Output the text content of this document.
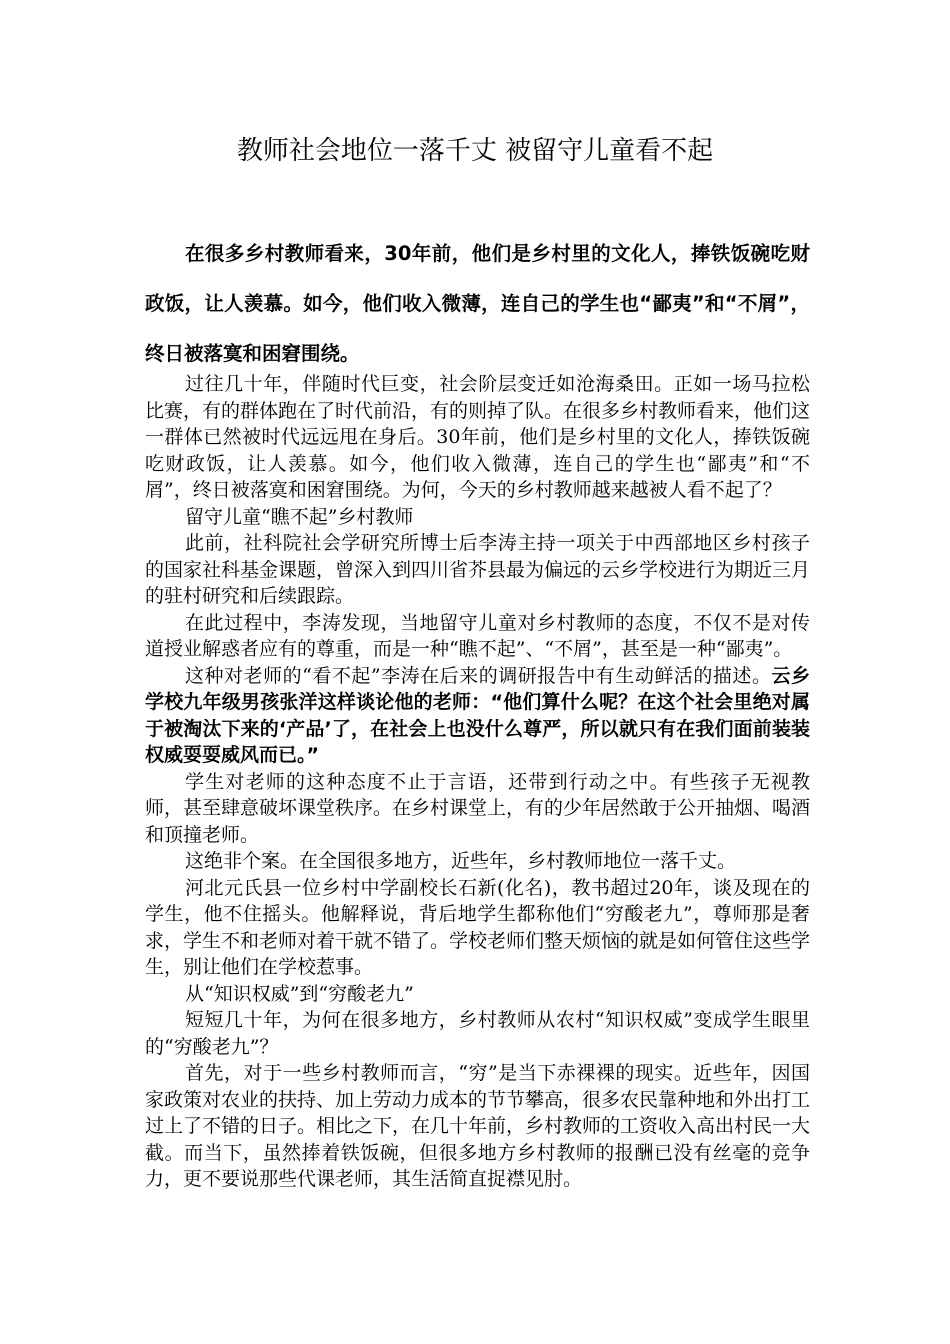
教师社会地位一落千丈 被留守儿童看不起

在很多乡村教师看来，30年前，他们是乡村里的文化人，捧铁饭碗吃财政饭，让人羡慕。如今，他们收入微薄，连自己的学生也“鄙夷”和“不屑”，终日被落寞和困窘围绕。

过往几十年，伴随时代巨变，社会阶层变迁如沧海桑田。正如一场马拉松比赛，有的群体跑在了时代前沿，有的则掉了队。在很多乡村教师看来，他们这一群体已然被时代远远甩在身后。30年前，他们是乡村里的文化人，捧铁饭碗吃财政饭，让人羡慕。如今，他们收入微薄，连自己的学生也“鄙夷”和“不屑”，终日被落寞和困窘围绕。为何，今天的乡村教师越来越被人看不起了？

留守儿童“瞧不起”乡村教师

此前，社科院社会学研究所博士后李涛主持一项关于中西部地区乡村孩子的国家社科基金课题，曾深入到四川省芥县最为偏远的云乡学校进行为期近三月的驻村研究和后续跟踪。

在此过程中，李涛发现，当地留守儿童对乡村教师的态度，不仅不是对传道授业解惑者应有的尊重，而是一种“瞧不起”、“不屑”，甚至是一种“鄙夷”。

这种对老师的“看不起”李涛在后来的调研报告中有生动鲜活的描述。云乡学校九年级男孩张洋这样谈论他的老师：“他们算什么呢？在这个社会里绝对属于被淘汰下来的‘产品’了，在社会上也没什么尊严，所以就只有在我们面前装装权威耍耍威风而已。”

学生对老师的这种态度不止于言语，还带到行动之中。有些孩子无视教师，甚至肆意破坏课堂秩序。在乡村课堂上，有的少年居然敢于公开抽烟、喝酒和顶撞老师。

这绝非个案。在全国很多地方，近些年，乡村教师地位一落千丈。

河北元氏县一位乡村中学副校长石新(化名)，教书超过20年，谈及现在的学生，他不住摇头。他解释说，背后地学生都称他们“穷酸老九”，尊师那是奢求，学生不和老师对着干就不错了。学校老师们整天烦恼的就是如何管住这些学生，别让他们在学校惹事。

从“知识权威”到“穷酸老九”

短短几十年，为何在很多地方，乡村教师从农村“知识权威”变成学生眼里的“穷酸老九”？

首先，对于一些乡村教师而言，“穷”是当下赤裸裸的现实。近些年，因国家政策对农业的扶持、加上劳动力成本的节节攀高，很多农民靠种地和外出打工过上了不错的日子。相比之下，在几十年前，乡村教师的工资收入高出村民一大截。而当下，虽然捧着铁饭碗，但很多地方乡村教师的报酬已没有丝毫的竞争力，更不要说那些代课老师，其生活简直捉襟见肘。
